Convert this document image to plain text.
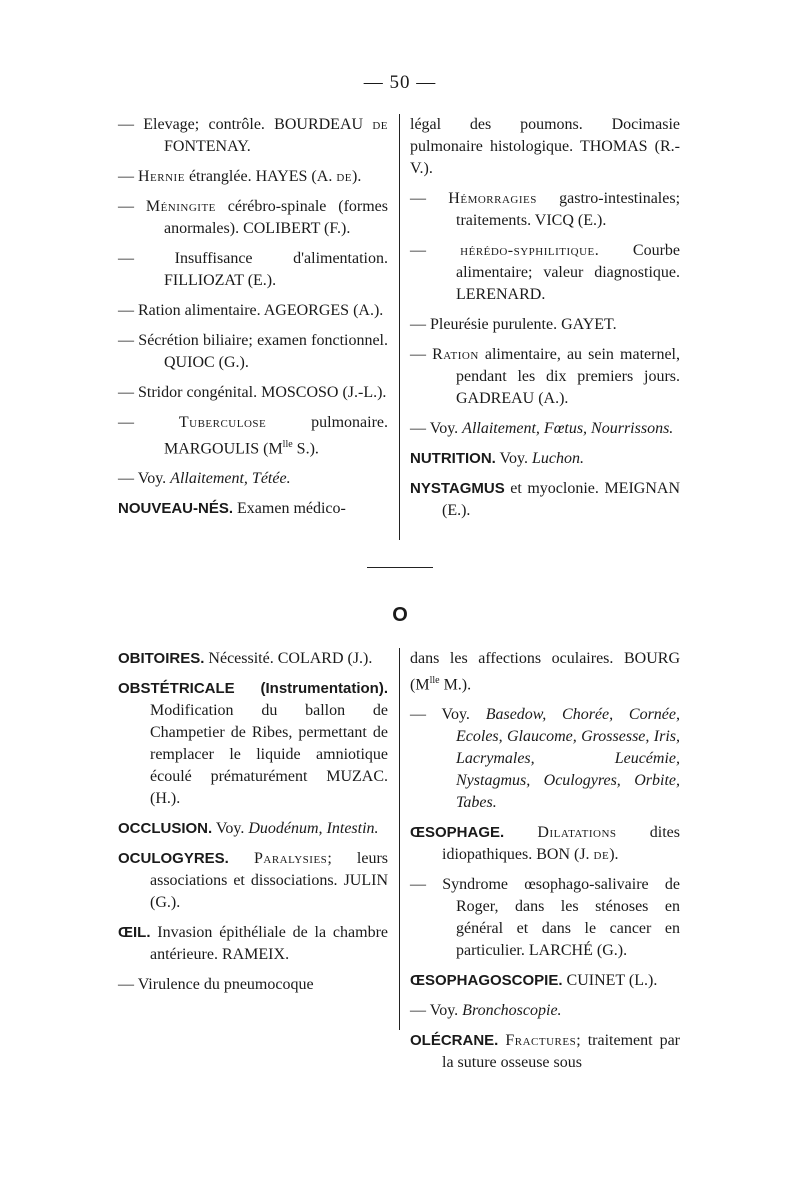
— 50 —
— Elevage; contrôle. BOURDEAU de FONTENAY.
— Hernie étranglée. HAYES (A. de).
— Méningite cérébro-spinale (formes anormales). COLIBERT (F.).
— Insuffisance d'alimentation. FILLIOZAT (E.).
— Ration alimentaire. AGEORGES (A.).
— Sécrétion biliaire; examen fonctionnel. QUIOC (G.).
— Stridor congénital. MOSCOSO (J.-L.).
— Tuberculose pulmonaire. MARGOULIS ($M^{lle}$ S.).
— Voy. Allaitement, Tétée.
NOUVEAU-NÉS. Examen médico-
légal des poumons. Docimasie pulmonaire histologique. THOMAS (R.-V.).
— Hémorragies gastro-intestinales; traitements. VICQ (E.).
— hérédo-syphilitique. Courbe alimentaire; valeur diagnostique. LERENARD.
— Pleurésie purulente. GAYET.
— Ration alimentaire, au sein maternel, pendant les dix premiers jours. GADREAU (A.).
— Voy. Allaitement, Fœtus, Nourrissons.
NUTRITION. Voy. Luchon.
NYSTAGMUS et myoclonie. MEIGNAN (E.).
O
OBITOIRES. Nécessité. COLARD (J.).
OBSTÉTRICALE (Instrumentation). Modification du ballon de Champetier de Ribes, permettant de remplacer le liquide amniotique écoulé prématurément MUZAC. (H.).
OCCLUSION. Voy. Duodénum, Intestin.
OCULOGYRES. Paralysies; leurs associations et dissociations. JULIN (G.).
ŒIL. Invasion épithéliale de la chambre antérieure. RAMEIX.
— Virulence du pneumocoque
dans les affections oculaires. BOURG ($M^{lle}$ M.).
— Voy. Basedow, Chorée, Cornée, Ecoles, Glaucome, Grossesse, Iris, Lacrymales, Leucémie, Nystagmus, Oculogyres, Orbite, Tabes.
ŒSOPHAGE. Dilatations dites idiopathiques. BON (J. de).
— Syndrome œsophago-salivaire de Roger, dans les sténoses en général et dans le cancer en particulier. LARCHÉ (G.).
ŒSOPHAGOSCOPIE. CUINET (L.).
— Voy. Bronchoscopie.
OLÉCRANE. Fractures; traitement par la suture osseuse sous
